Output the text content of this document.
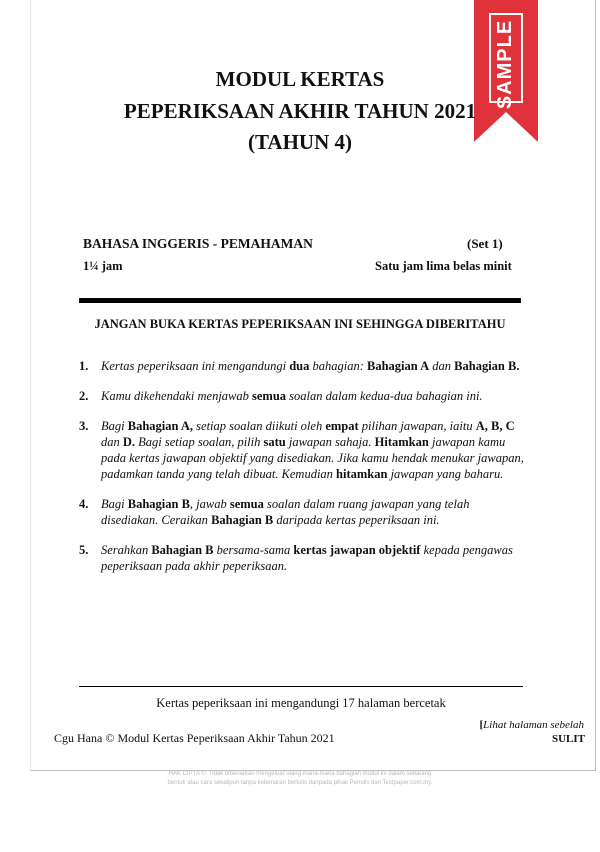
SAMPLE
MODUL KERTAS
PEPERIKSAAN AKHIR TAHUN 2021
(TAHUN 4)
BAHASA INGGERIS - PEMAHAMAN	(Set 1)
1¼ jam	Satu jam lima belas minit
JANGAN BUKA KERTAS PEPERIKSAAN INI SEHINGGA DIBERITAHU
1. Kertas peperiksaan ini mengandungi dua bahagian: Bahagian A dan Bahagian B.
2. Kamu dikehendaki menjawab semua soalan dalam kedua-dua bahagian ini.
3. Bagi Bahagian A, setiap soalan diikuti oleh empat pilihan jawapan, iaitu A, B, C dan D. Bagi setiap soalan, pilih satu jawapan sahaja. Hitamkan jawapan kamu pada kertas jawapan objektif yang disediakan. Jika kamu hendak menukar jawapan, padamkan tanda yang telah dibuat. Kemudian hitamkan jawapan yang baharu.
4. Bagi Bahagian B, jawab semua soalan dalam ruang jawapan yang telah disediakan. Ceraikan Bahagian B daripada kertas peperiksaan ini.
5. Serahkan Bahagian B bersama-sama kertas jawapan objektif kepada pengawas peperiksaan pada akhir peperiksaan.
Kertas peperiksaan ini mengandungi 17 halaman bercetak
[Lihat halaman sebelah
Cgu Hana © Modul Kertas Peperiksaan Akhir Tahun 2021	SULIT
HAK CIPTA ©: Tidak dibenarkan mengeluar ulang mana-mana bahagian modul ini dalam sebarang
bentuk atau cara sekalipun tanpa kebenaran bertulis daripada pihak Penulis dan Testpaper.com.my.
